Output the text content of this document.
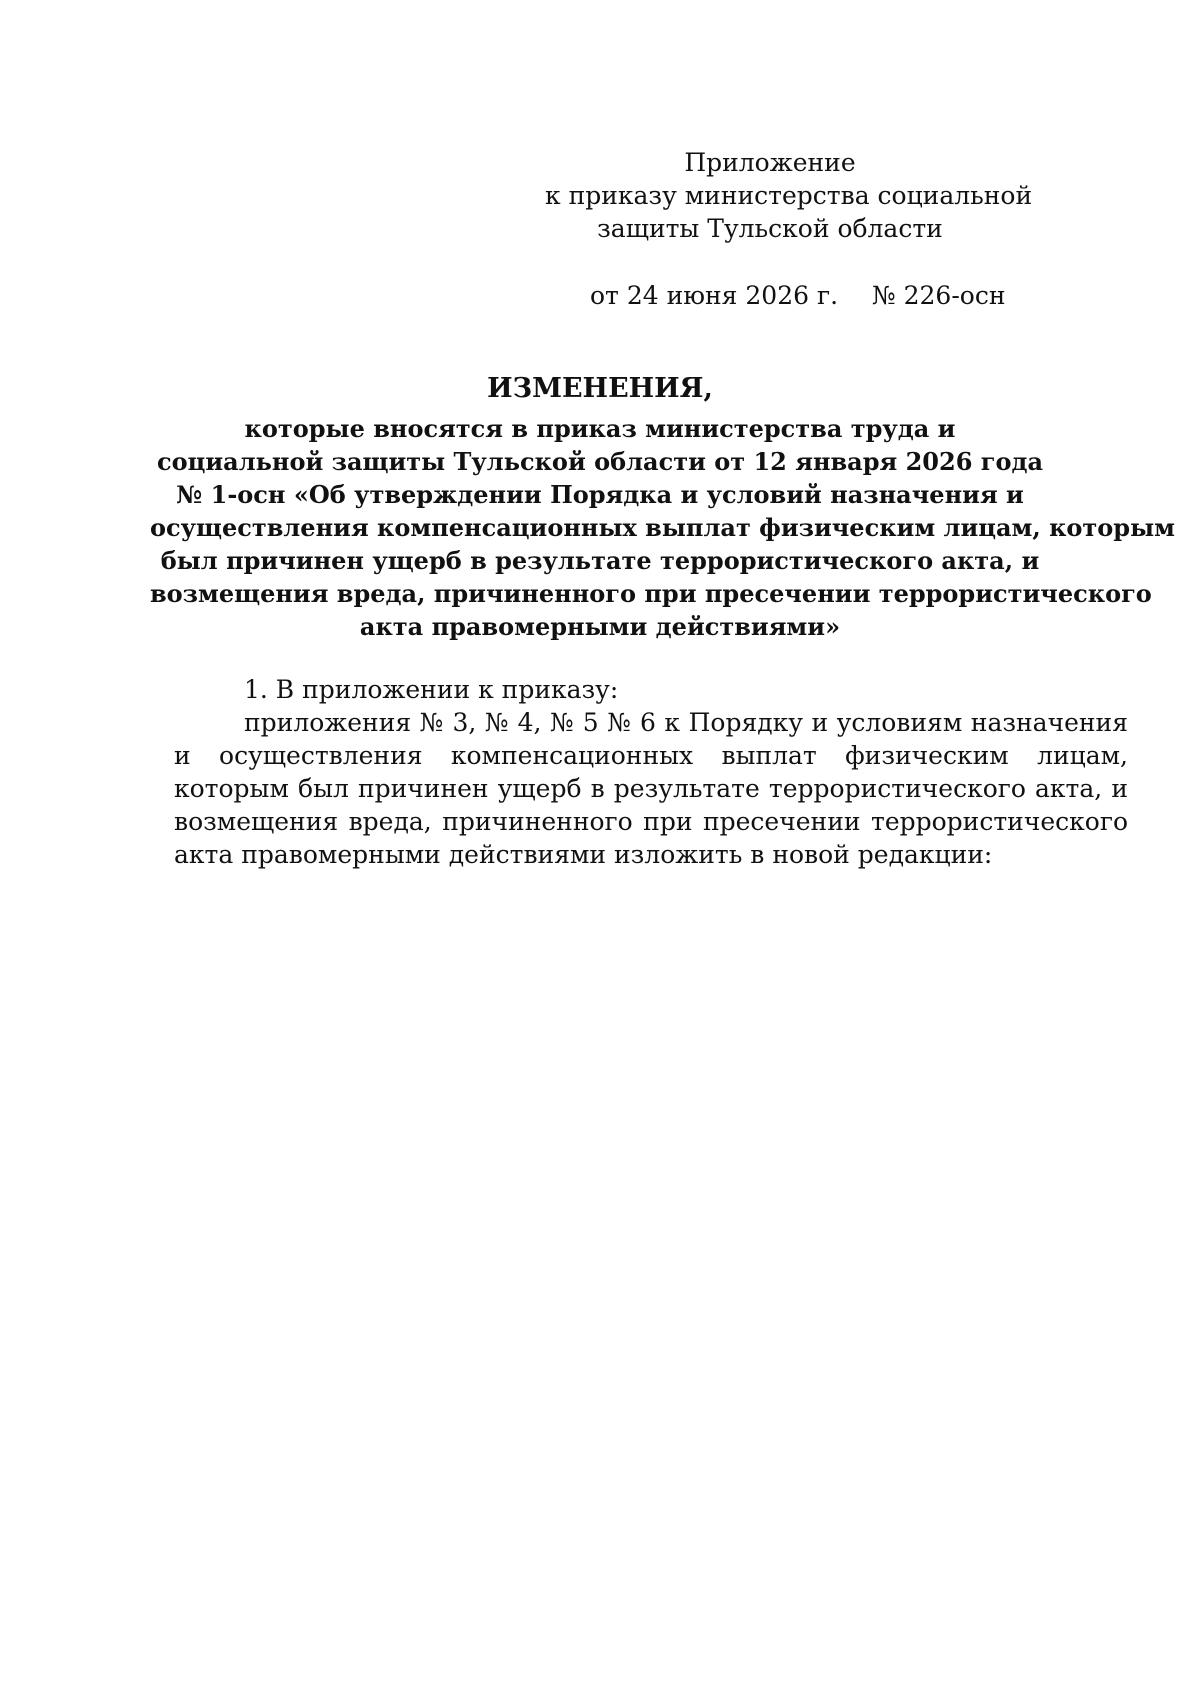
Приложение
к приказу министерства социальной
защиты Тульской области
от 24 июня 2026 г. № 226-осн
ИЗМЕНЕНИЯ,
которые вносятся в приказ министерства труда и
социальной защиты Тульской области от 12 января 2026 года
№ 1-осн «Об утверждении Порядка и условий назначения и
осуществления компенсационных выплат физическим лицам, которым
был причинен ущерб в результате террористического акта, и
возмещения вреда, причиненного при пресечении террористического
акта правомерными действиями»
1. В приложении к приказу:
приложения № 3, № 4, № 5 № 6 к Порядку и условиям назначения и осуществления компенсационных выплат физическим лицам, которым был причинен ущерб в результате террористического акта, и возмещения вреда, причиненного при пресечении террористического акта правомерными действиями изложить в новой редакции:
